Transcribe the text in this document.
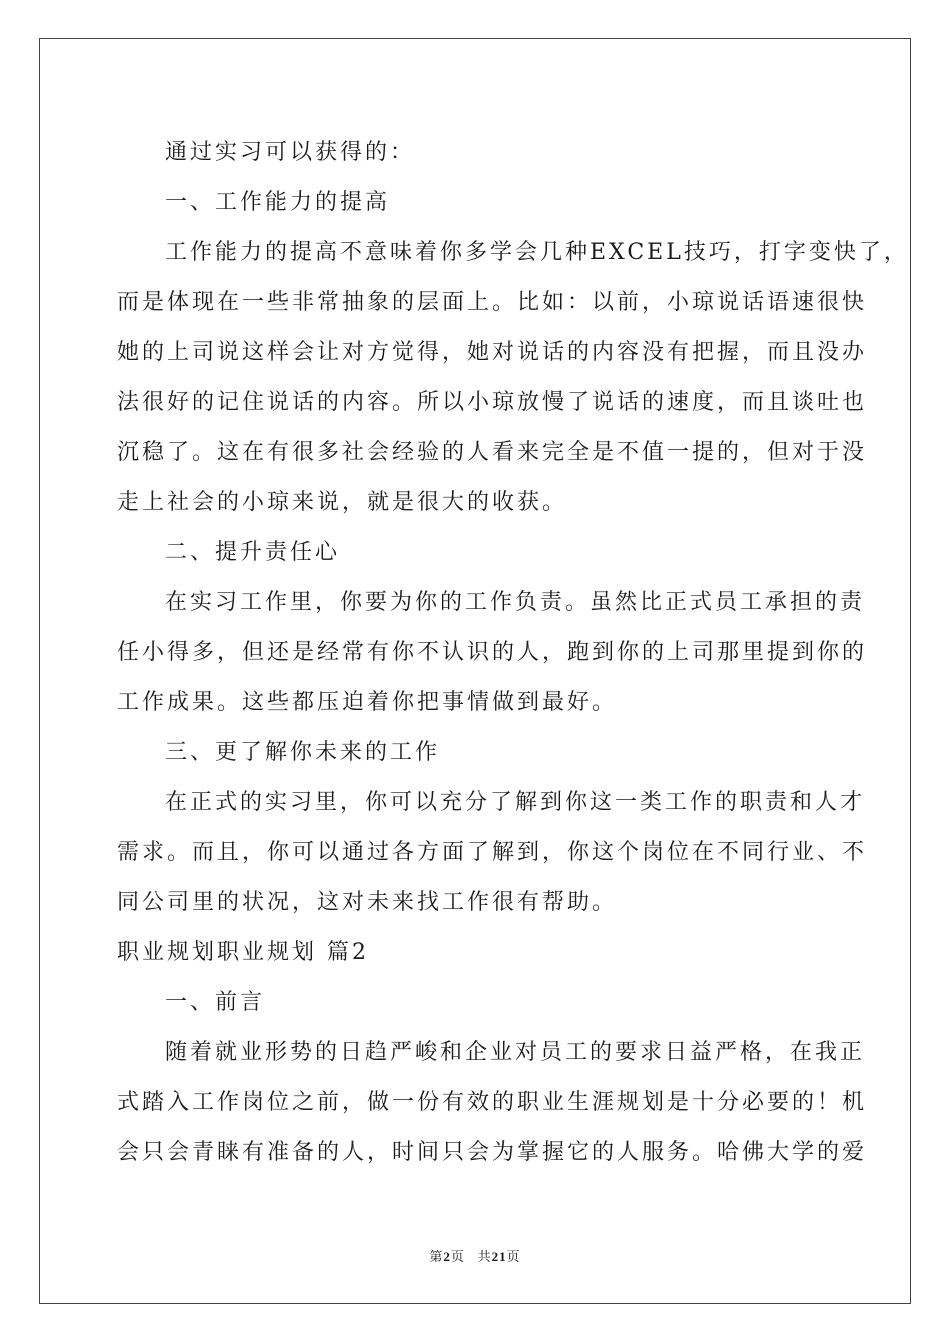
通过实习可以获得的：
一、工作能力的提高
工作能力的提高不意味着你多学会几种EXCEL技巧，打字变快了，
而是体现在一些非常抽象的层面上。比如：以前，小琼说话语速很快
她的上司说这样会让对方觉得，她对说话的内容没有把握，而且没办
法很好的记住说话的内容。所以小琼放慢了说话的速度，而且谈吐也
沉稳了。这在有很多社会经验的人看来完全是不值一提的，但对于没
走上社会的小琼来说，就是很大的收获。
二、提升责任心
在实习工作里，你要为你的工作负责。虽然比正式员工承担的责
任小得多，但还是经常有你不认识的人，跑到你的上司那里提到你的
工作成果。这些都压迫着你把事情做到最好。
三、更了解你未来的工作
在正式的实习里，你可以充分了解到你这一类工作的职责和人才
需求。而且，你可以通过各方面了解到，你这个岗位在不同行业、不
同公司里的状况，这对未来找工作很有帮助。
职业规划职业规划 篇2
一、前言
随着就业形势的日趋严峻和企业对员工的要求日益严格，在我正
式踏入工作岗位之前，做一份有效的职业生涯规划是十分必要的！机
会只会青睐有准备的人，时间只会为掌握它的人服务。哈佛大学的爱
第2页 共21页
